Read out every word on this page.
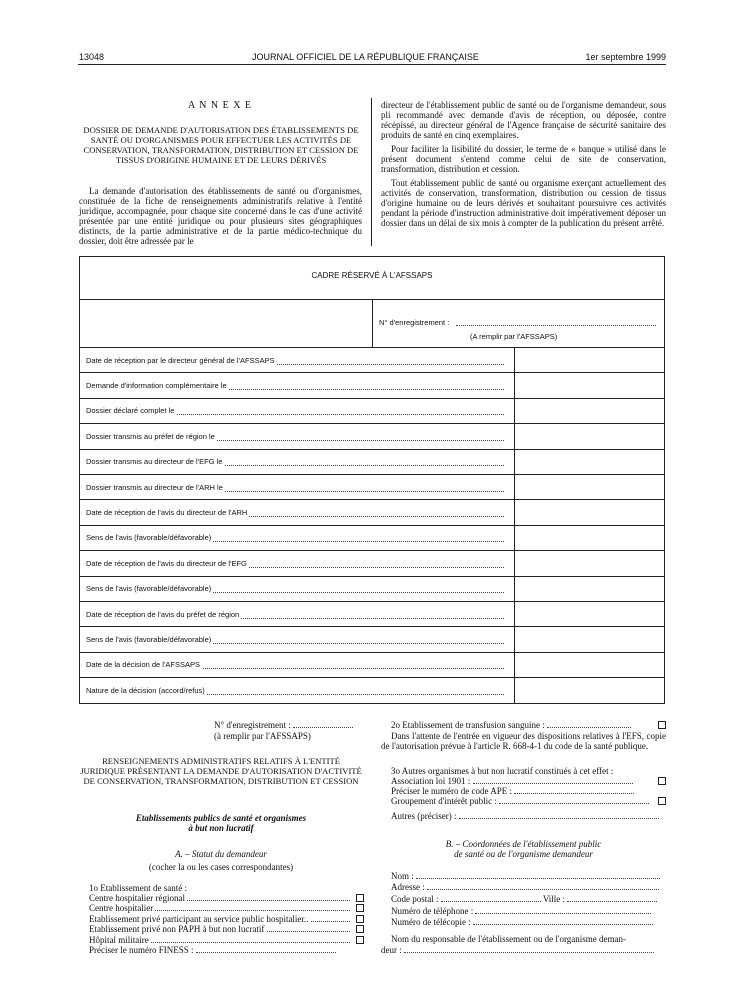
13048	JOURNAL OFFICIEL DE LA RÉPUBLIQUE FRANÇAISE	1er septembre 1999
A N N E X E
DOSSIER DE DEMANDE D'AUTORISATION DES ÉTABLISSEMENTS DE SANTÉ OU D'ORGANISMES POUR EFFECTUER LES ACTIVITÉS DE CONSERVATION, TRANSFORMATION, DISTRIBUTION ET CESSION DE TISSUS D'ORIGINE HUMAINE ET DE LEURS DÉRIVÉS

La demande d'autorisation des établissements de santé ou d'organismes, constituée de la fiche de renseignements administratifs relative à l'entité juridique, accompagnée, pour chaque site concerné dans le cas d'une activité présentée par une entité juridique ou pour plusieurs sites géographiques distincts, de la partie administrative et de la partie médico-technique du dossier, doit être adressée par le

directeur de l'établissement public de santé ou de l'organisme demandeur, sous pli recommandé avec demande d'avis de réception, ou déposée, contre récépissé, au directeur général de l'Agence française de sécurité sanitaire des produits de santé en cinq exemplaires.

Pour faciliter la lisibilité du dossier, le terme de « banque » utilisé dans le présent document s'entend comme celui de site de conservation, transformation, distribution et cession.

Tout établissement public de santé ou organisme exerçant actuellement des activités de conservation, transformation, distribution ou cession de tissus d'origine humaine ou de leurs dérivés et souhaitant poursuivre ces activités pendant la période d'instruction administrative doit impérativement déposer un dossier dans un délai de six mois à compter de la publication du présent arrêté.

CADRE RÉSERVÉ À L'AFSSAPS
N° d'enregistrement :
(A remplir par l'AFSSAPS)
Date de réception par le directeur général de l'AFSSAPS
Demande d'information complémentaire le
Dossier déclaré complet le
Dossier transmis au préfet de région le
Dossier transmis au directeur de l'EFG le
Dossier transmis au directeur de l'ARH le
Date de réception de l'avis du directeur de l'ARH
Sens de l'avis (favorable/défavorable)
Date de réception de l'avis du directeur de l'EFG
Sens de l'avis (favorable/défavorable)
Date de réception de l'avis du préfet de région
Sens de l'avis (favorable/défavorable)
Date de la décision de l'AFSSAPS
Nature de la décision (accord/refus)
N° d'enregistrement :
(à remplir par l'AFSSAPS)
RENSEIGNEMENTS ADMINISTRATIFS RELATIFS À L'ENTITÉ JURIDIQUE PRÉSENTANT LA DEMANDE D'AUTORISATION D'ACTIVITÉ DE CONSERVATION, TRANSFORMATION, DISTRIBUTION ET CESSION
Etablissements publics de santé et organismes
à but non lucratif
A. – Statut du demandeur
(cocher la ou les cases correspondantes)
1o Etablissement de santé :
Centre hospitalier régional
Centre hospitalier
Etablissement privé participant au service public hospitalier..
Etablissement privé non PAPH à but non lucratif
Hôpital militaire
Préciser le numéro FINESS :
2o Etablissement de transfusion sanguine :

Dans l'attente de l'entrée en vigueur des dispositions relatives à l'EFS, copie de l'autorisation prévue à l'article R. 668-4-1 du code de la santé publique.

3o Autres organismes à but non lucratif constitués à cet effet :
Association loi 1901 :
Préciser le numéro de code APE :
Groupement d'intérêt public :
Autres (préciser) :
B. – Coordonnées de l'établissement public
de santé ou de l'organisme demandeur
Nom :
Adresse :
Code postal :	Ville :
Numéro de téléphone :
Numéro de télécopie :
Nom du responsable de l'établissement ou de l'organisme deman-
deur :
